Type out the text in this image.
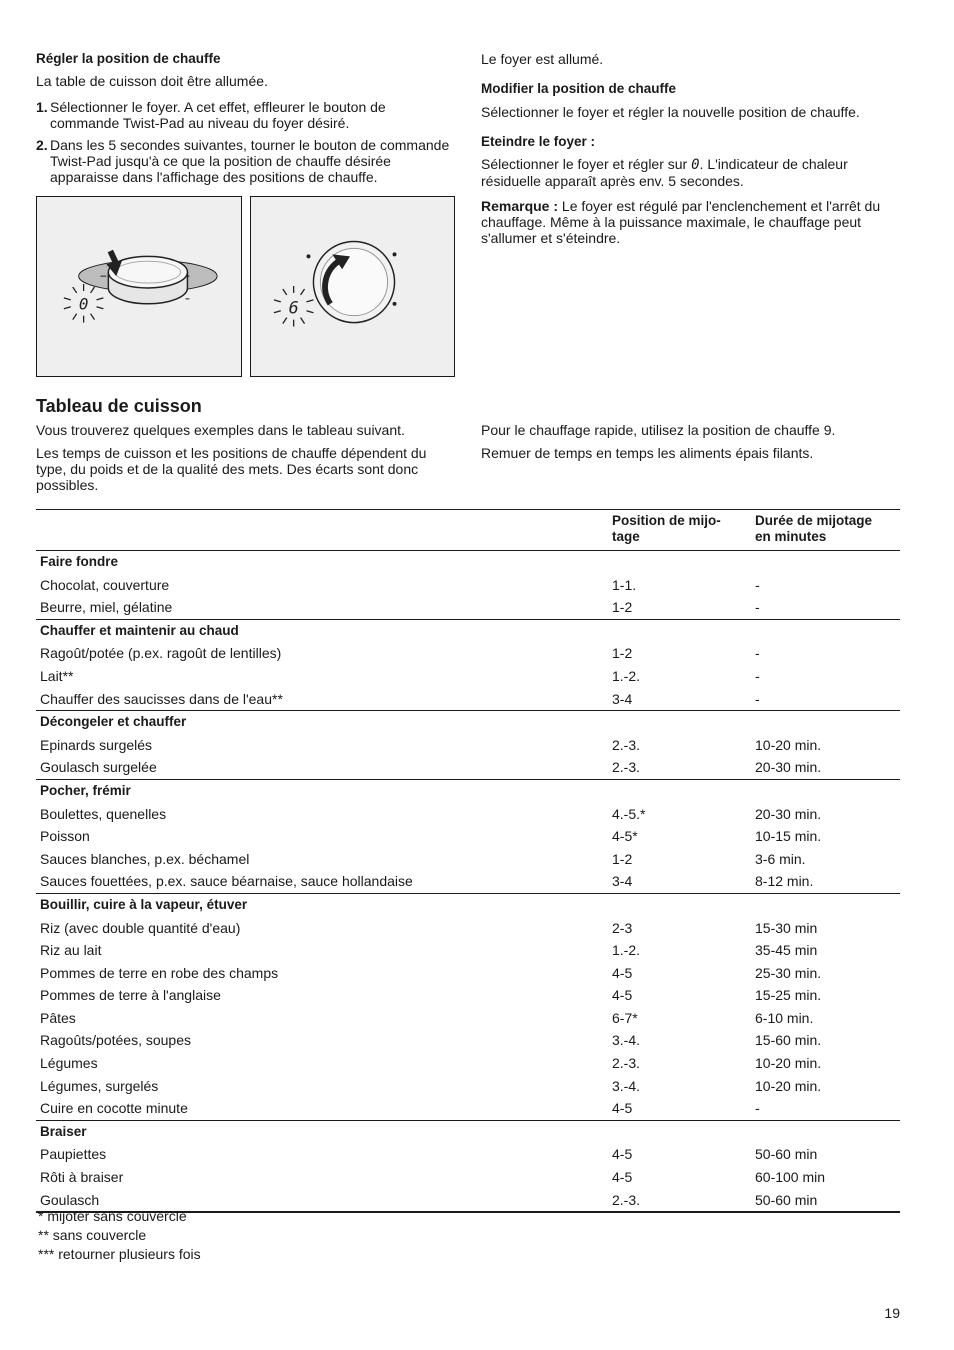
Régler la position de chauffe
La table de cuisson doit être allumée.
1. Sélectionner le foyer. A cet effet, effleurer le bouton de commande Twist-Pad au niveau du foyer désiré.
2. Dans les 5 secondes suivantes, tourner le bouton de commande Twist-Pad jusqu'à ce que la position de chauffe désirée apparaisse dans l'affichage des positions de chauffe.
0	6
Le foyer est allumé.
Modifier la position de chauffe
Sélectionner le foyer et régler la nouvelle position de chauffe.
Eteindre le foyer :
Sélectionner le foyer et régler sur 0. L'indicateur de chaleur résiduelle apparaît après env. 5 secondes.
Remarque : Le foyer est régulé par l'enclenchement et l'arrêt du chauffage. Même à la puissance maximale, le chauffage peut s'allumer et s'éteindre.
Tableau de cuisson
Vous trouverez quelques exemples dans le tableau suivant.
Les temps de cuisson et les positions de chauffe dépendent du type, du poids et de la qualité des mets. Des écarts sont donc possibles.
Pour le chauffage rapide, utilisez la position de chauffe 9.
Remuer de temps en temps les aliments épais filants.
	Position de mijo-
tage	Durée de mijotage
en minutes
Faire fondre		
Chocolat, couverture	1-1.	-
Beurre, miel, gélatine	1-2	-
Chauffer et maintenir au chaud		
Ragoût/potée (p.ex. ragoût de lentilles)	1-2	-
Lait**	1.-2.	-
Chauffer des saucisses dans de l'eau**	3-4	-
Décongeler et chauffer		
Epinards surgelés	2.-3.	10-20 min.
Goulasch surgelée	2.-3.	20-30 min.
Pocher, frémir		
Boulettes, quenelles	4.-5.*	20-30 min.
Poisson	4-5*	10-15 min.
Sauces blanches, p.ex. béchamel	1-2	3-6 min.
Sauces fouettées, p.ex. sauce béarnaise, sauce hollandaise	3-4	8-12 min.
Bouillir, cuire à la vapeur, étuver		
Riz (avec double quantité d'eau)	2-3	15-30 min
Riz au lait	1.-2.	35-45 min
Pommes de terre en robe des champs	4-5	25-30 min.
Pommes de terre à l'anglaise	4-5	15-25 min.
Pâtes	6-7*	6-10 min.
Ragoûts/potées, soupes	3.-4.	15-60 min.
Légumes	2.-3.	10-20 min.
Légumes, surgelés	3.-4.	10-20 min.
Cuire en cocotte minute	4-5	-
Braiser		
Paupiettes	4-5	50-60 min
Rôti à braiser	4-5	60-100 min
Goulasch	2.-3.	50-60 min
* mijoter sans couvercle
** sans couvercle
*** retourner plusieurs fois
19
